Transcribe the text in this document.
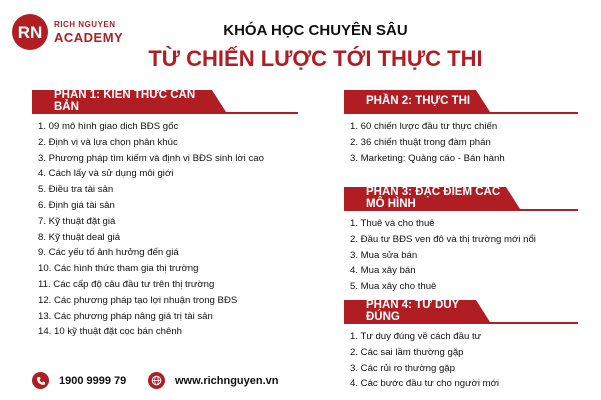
RN RICH NGUYEN
ACADEMY	KHÓA HỌC CHUYÊN SÂU
TỪ CHIẾN LƯỢC TỚI THỰC THI
PHẦN 1: KIẾN THỨC CĂN BẢN
1. 09 mô hình giao dịch BĐS gốc
2. Định vị và lựa chọn phân khúc
3. Phương pháp tìm kiếm và định vị BĐS sinh lời cao
4. Cách lấy và sử dụng môi giới
5. Điều tra tài sản
6. Định giá tài sản
7. Kỹ thuật đặt giá
8. Kỹ thuật deal giá
9. Các yếu tố ảnh hưởng đến giá
10. Các hình thức tham gia thị trường
11. Các cấp độ cảu đầu tư trên thị trường
12. Các phương pháp tạo lợi nhuận trong BĐS
13. Các phương pháp nâng giá trị tài sản
14. 10 kỹ thuật đặt cọc bán chênh
PHẦN 2: THỰC THI
1. 60 chiến lược đầu tư thực chiến
2. 36 chiến thuật trong đàm phán
3. Marketing: Quảng cáo - Bán hành
PHẦN 3: ĐẶC ĐIỂM CÁC MÔ HÌNH
1. Thuê và cho thuê
2. Đầu tư BĐS ven đô và thị trường mới nổi
3. Mua sửa bán
4. Mua xây bán
5. Mua xây cho thuê
PHẦN 4: TƯ DUY ĐÚNG
1. Tư duy đúng về cách đầu tư
2. Các sai lầm thường gặp
3. Các rủi ro thường gặp
4. Các bước đầu tư cho người mới
1900 9999 79	www.richnguyen.vn
